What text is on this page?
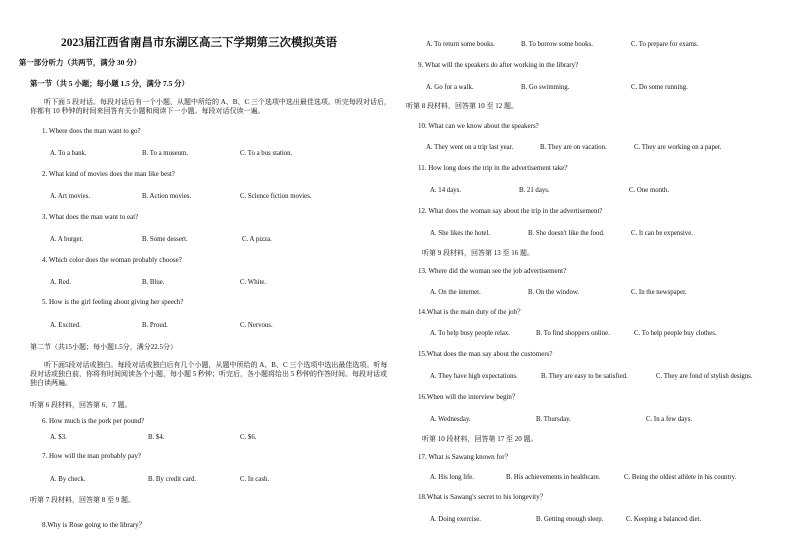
2023届江西省南昌市东湖区高三下学期第三次模拟英语
第一部分听力（共两节，满分 30 分）
第一节（共 5 小题；每小题 1.5 分，满分 7.5 分）
听下面 5 段对话。每段对话后有一个小题，从题中所给的 A、B、C 三个选项中选出最佳选项。听完每段对话后，你都有 10 秒钟的时间来回答有关小题和阅读下一小题。每段对话仅读一遍。
1. Where does the man want to go?
A. To a bank.	B. To a museum.	C. To a bus station.
2. What kind of movies does the man like best?
A. Art movies.	B. Action movies.	C. Science fiction movies.
3. What does the man want to eat?
A. A burger.	B. Some dessert.	C. A pizza.
4. Which color does the woman probably choose?
A. Red.	B. Blue.	C. White.
5. How is the girl feeling about giving her speech?
A. Excited.	B. Proud.	C. Nervous.
第二节（共15小题；每小题1.5分，满分22.5分）
听下面5段对话或独白。每段对话或独白后有几个小题，从题中所给的 A、B、C 三个选项中选出最佳选项。听每段对话或独白前，你将有时间阅读各个小题，每小题 5 秒钟；听完后，各小题将给出 5 秒钟的作答时间。每段对话或独白读两遍。
听第 6 段材料，回答第 6、7 题。
6. How much is the pork per pound?
A. $3.	B. $4.	C. $6.
7. How will the man probably pay?
A. By check.	B. By credit card.	C. In cash.
听第 7 段材料，回答第 8 至 9 题。
8.Why is Rose going to the library？
A. To return some books.	B. To borrow some books.	C. To prepare for exams.
9. What will the speakers do after working in the library?
A. Go for a walk.	B. Go swimming.	C. Do some running.
听第 8 段材料，回答第 10 至 12 题。
10. What can we know about the speakers?
A. They went on a trip last year.	B. They are on vacation.	C. They are working on a paper.
11. How long does the trip in the advertisement take?
A. 14 days.	B. 21 days.	C. One month.
12. What does the woman say about the trip in the advertisement?
A. She likes the hotel.	B. She doesn't like the food.	C. It can be expensive.
听第 9 段材料，回答第 13 至 16 题。
13. Where did the woman see the job advertisement?
A. On the internet.	B. On the window.	C. In the newspaper.
14.What is the main duty of the job？
A. To help busy people relax.	B. To find shoppers online.	C. To help people buy clothes.
15.What does the man say about the customers?
A. They have high expectations.	B. They are easy to be satisfied.	C. They are fond of stylish designs.
16.When will the interview begin？
A. Wednesday.	B. Thursday.	C. In a few days.
听第 10 段材料，回答第 17 至 20 题。
17. What is Sawang known for？
A. His long life.	B. His achievements in healthcare.	C. Being the oldest athlete in his country.
18.What is Sawang's secret to his longevity？
A. Doing exercise.	B. Getting enough sleep.	C. Keeping a balanced diet.
